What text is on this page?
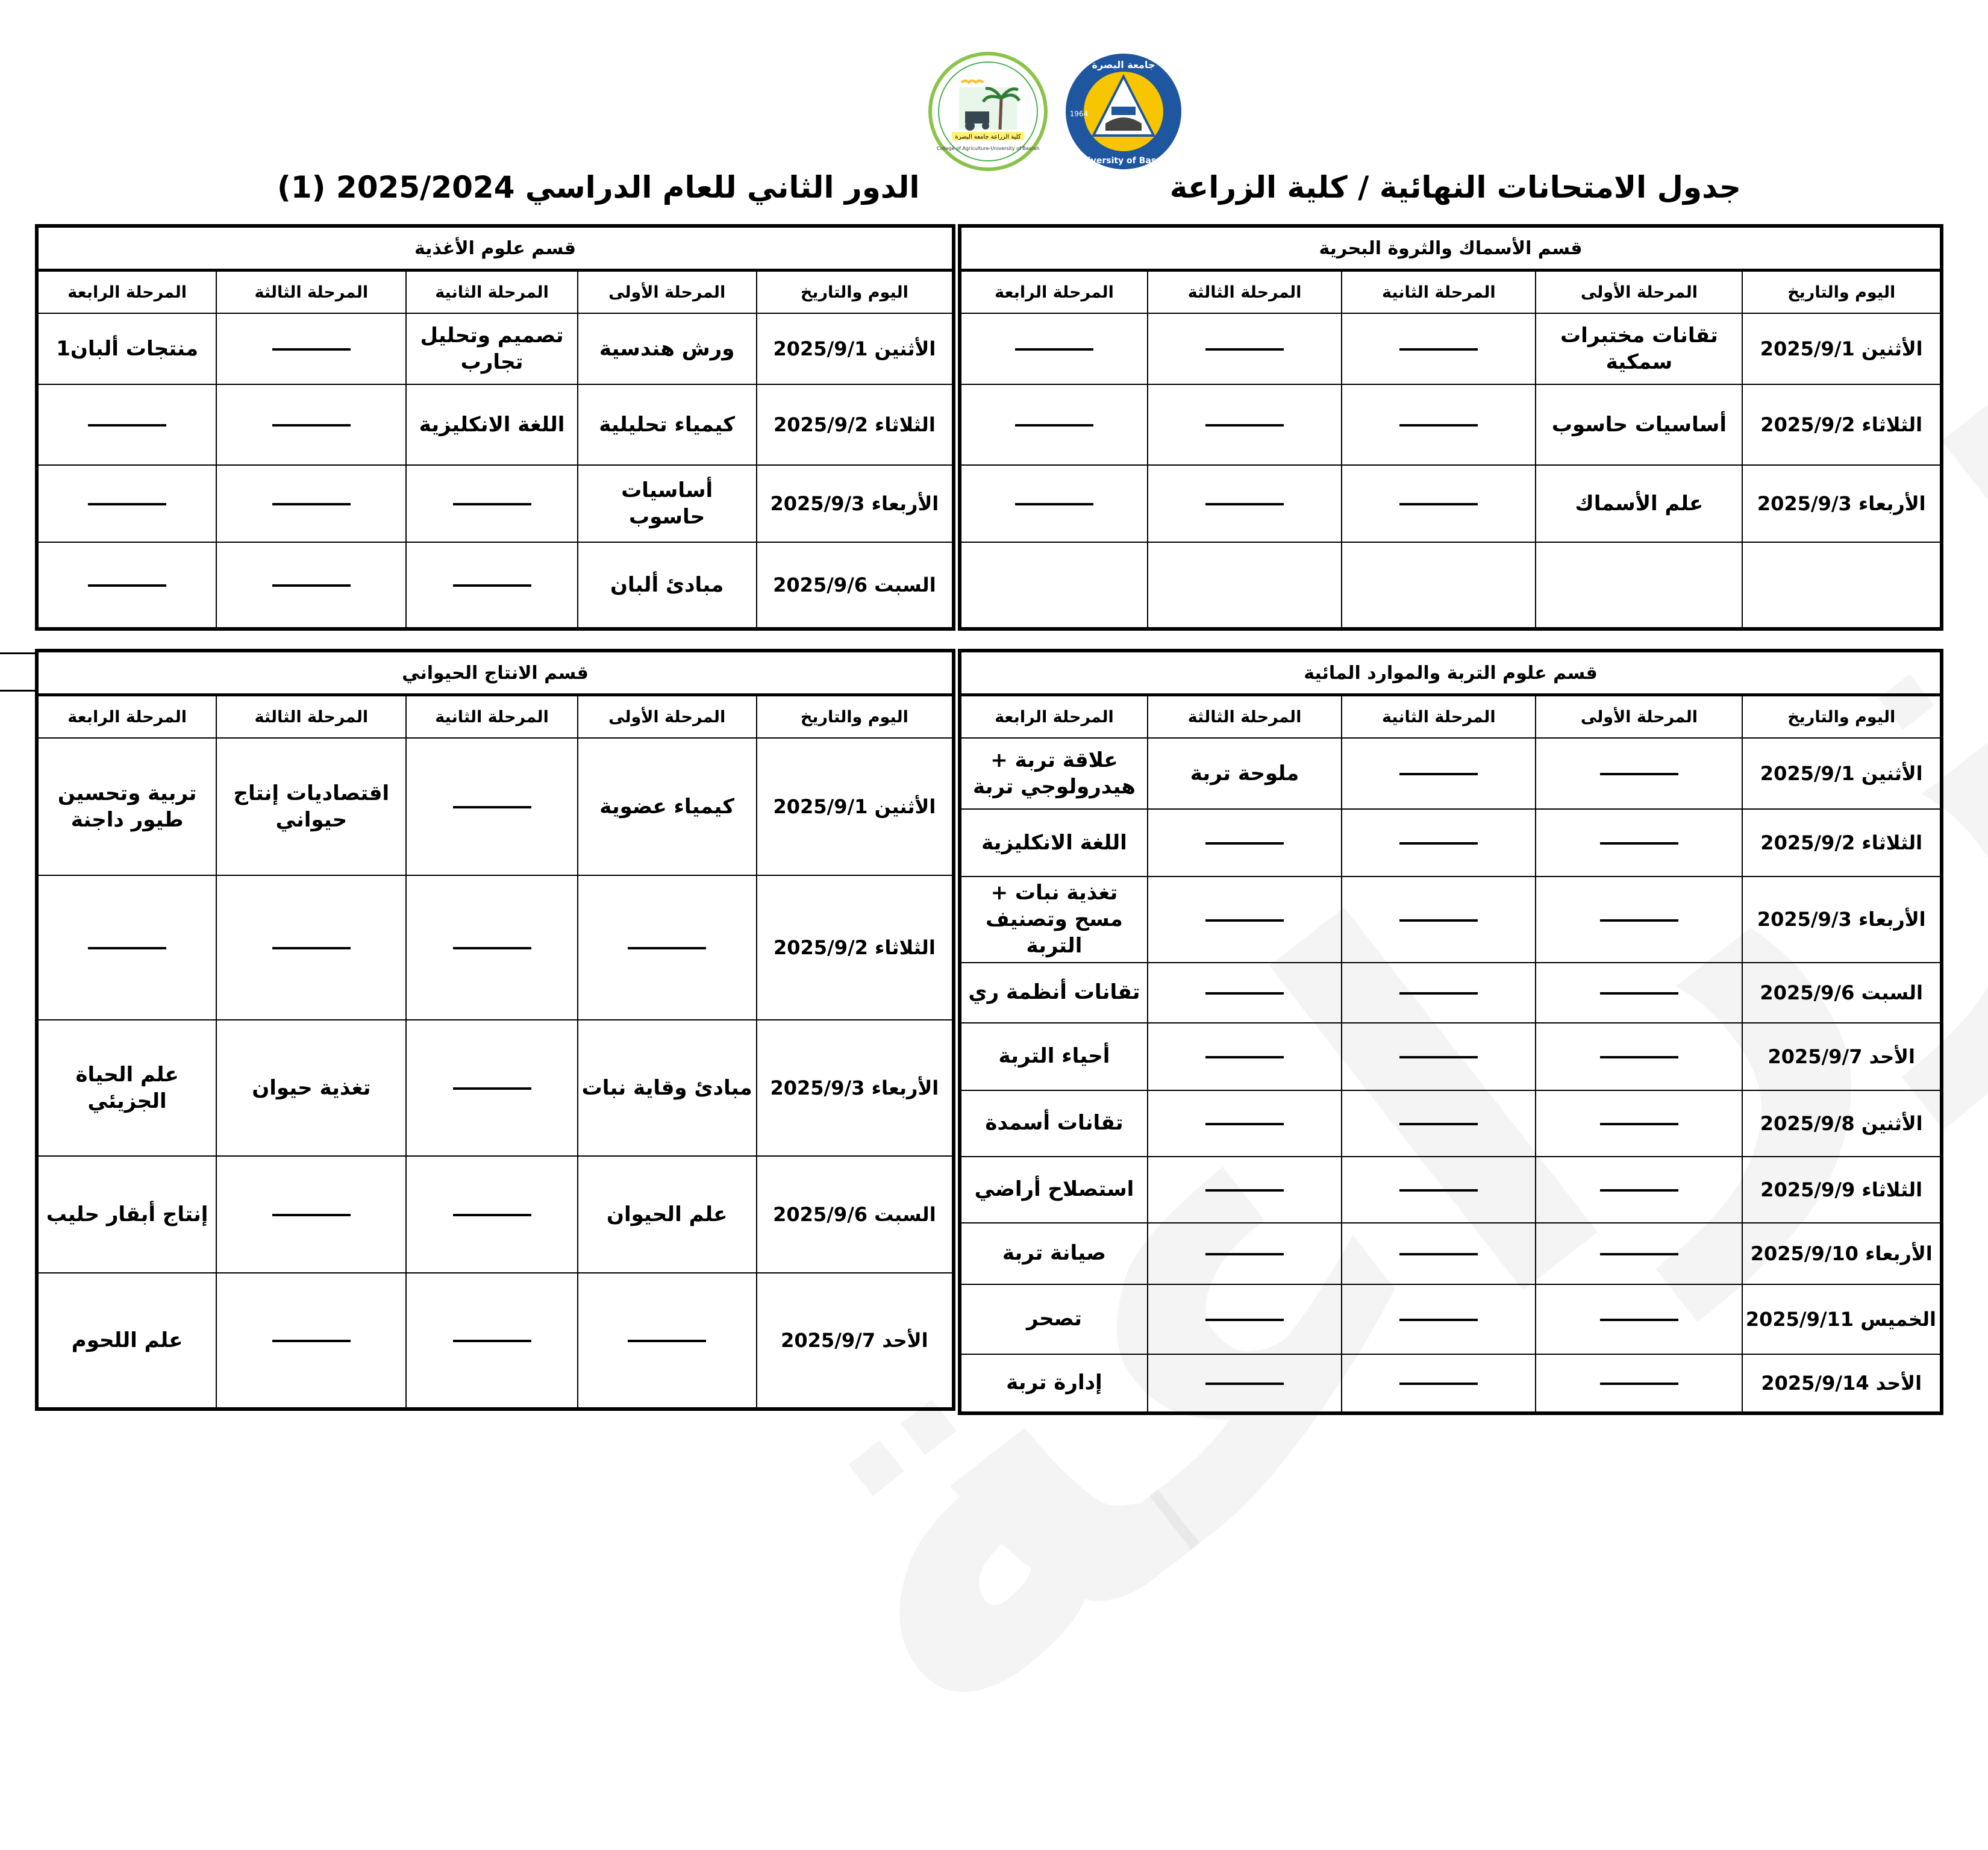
كلية الزراعة جامعة البصرة
College of Agriculture-University of Basrah
جامعة البصرة
University of Basrah
1964
جدول الامتحانات النهائية / كلية الزراعة
الدور الثاني للعام الدراسي 2025/2024 (1)
قسم الأسماك والثروة البحرية				
اليوم والتاريخ	المرحلة الأولى	المرحلة الثانية	المرحلة الثالثة	المرحلة الرابعة
الأثنين 2025/9/1	تقانات مختبرات سمكية			
الثلاثاء 2025/9/2	أساسيات حاسوب			
الأربعاء 2025/9/3	علم الأسماك			

قسم علوم الأغذية				
اليوم والتاريخ	المرحلة الأولى	المرحلة الثانية	المرحلة الثالثة	المرحلة الرابعة
الأثنين 2025/9/1	ورش هندسية	تصميم وتحليل تجارب		منتجات ألبان1
الثلاثاء 2025/9/2	كيمياء تحليلية	اللغة الانكليزية		
الأربعاء 2025/9/3	أساسيات حاسوب			
السبت 2025/9/6	مبادئ ألبان			
قسم علوم التربة والموارد المائية				
اليوم والتاريخ	المرحلة الأولى	المرحلة الثانية	المرحلة الثالثة	المرحلة الرابعة
الأثنين 2025/9/1			ملوحة تربة	علاقة تربة + هيدرولوجي تربة
الثلاثاء 2025/9/2				اللغة الانكليزية
الأربعاء 2025/9/3				تغذية نبات + مسح وتصنيف التربة
السبت 2025/9/6				تقانات أنظمة ري
الأحد 2025/9/7				أحياء التربة
الأثنين 2025/9/8				تقانات أسمدة
الثلاثاء 2025/9/9				استصلاح أراضي
الأربعاء 2025/9/10				صيانة تربة
الخميس 2025/9/11				تصحر
الأحد 2025/9/14				إدارة تربة
قسم الانتاج الحيواني				
اليوم والتاريخ	المرحلة الأولى	المرحلة الثانية	المرحلة الثالثة	المرحلة الرابعة
الأثنين 2025/9/1	كيمياء عضوية		اقتصاديات إنتاج حيواني	تربية وتحسين طيور داجنة
الثلاثاء 2025/9/2				
الأربعاء 2025/9/3	مبادئ وقاية نبات		تغذية حيوان	علم الحياة الجزيئي
السبت 2025/9/6	علم الحيوان			إنتاج أبقار حليب
الأحد 2025/9/7				علم اللحوم
